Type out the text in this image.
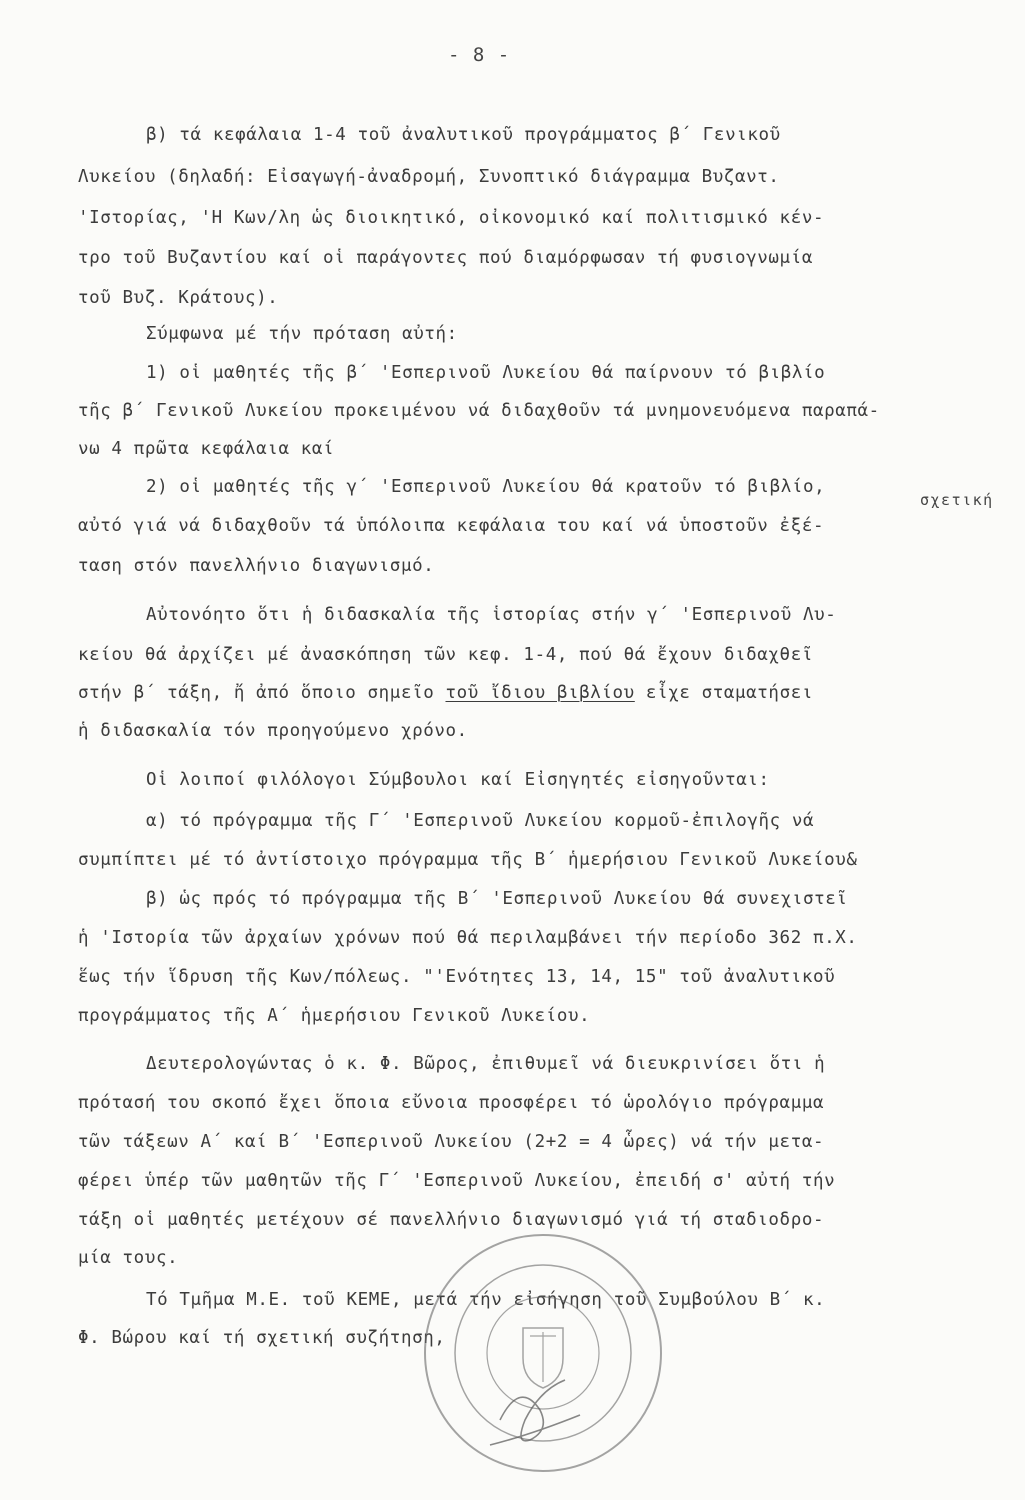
- 8 -
β) τά κεφάλαια 1-4 τοῦ ἀναλυτικοῦ προγράμματος β΄ Γενικοῦ
Λυκείου (δηλαδή: Εἰσαγωγή-ἀναδρομή, Συνοπτικό διάγραμμα Βυζαντ.
'Ιστορίας, 'Η Κων/λη ὡς διοικητικό, οἰκονομικό καί πολιτισμικό κέν-
τρο τοῦ Βυζαντίου καί οἱ παράγοντες πού διαμόρφωσαν τή φυσιογνωμία
τοῦ Βυζ. Κράτους).
Σύμφωνα μέ τήν πρόταση αὐτή:
1) οἱ μαθητές τῆς β΄ 'Εσπερινοῦ Λυκείου θά παίρνουν τό βιβλίο
τῆς β΄ Γενικοῦ Λυκείου προκειμένου νά διδαχθοῦν τά μνημονευόμενα παραπά-
νω 4 πρῶτα κεφάλαια καί
2) οἱ μαθητές τῆς γ΄ 'Εσπερινοῦ Λυκείου θά κρατοῦν τό βιβλίο,
σχετική
αὐτό γιά νά διδαχθοῦν τά ὑπόλοιπα κεφάλαια του καί νά ὑποστοῦν ἐξέ-
ταση στόν πανελλήνιο διαγωνισμό.
Αὐτονόητο ὅτι ἡ διδασκαλία τῆς ἱστορίας στήν γ΄ 'Εσπερινοῦ Λυ-
κείου θά ἀρχίζει μέ ἀνασκόπηση τῶν κεφ. 1-4, πού θά ἔχουν διδαχθεῖ
στήν β΄ τάξη, ἤ ἀπό ὅποιο σημεῖο τοῦ ἴδιου βιβλίου εἶχε σταματήσει
ἡ διδασκαλία τόν προηγούμενο χρόνο.
Οἱ λοιποί φιλόλογοι Σύμβουλοι καί Εἰσηγητές εἰσηγοῦνται:
α) τό πρόγραμμα τῆς Γ΄ 'Εσπερινοῦ Λυκείου κορμοῦ-ἐπιλογῆς νά
συμπίπτει μέ τό ἀντίστοιχο πρόγραμμα τῆς Β΄ ἡμερήσιου Γενικοῦ Λυκείου&
β) ὡς πρός τό πρόγραμμα τῆς Β΄ 'Εσπερινοῦ Λυκείου θά συνεχιστεῖ
ἡ 'Ιστορία τῶν ἀρχαίων χρόνων πού θά περιλαμβάνει τήν περίοδο 362 π.Χ.
ἕως τήν ἵδρυση τῆς Κων/πόλεως. "'Ενότητες 13, 14, 15" τοῦ ἀναλυτικοῦ
προγράμματος τῆς Α΄ ἡμερήσιου Γενικοῦ Λυκείου.
Δευτερολογώντας ὁ κ. Φ. Βῶρος, ἐπιθυμεῖ νά διευκρινίσει ὅτι ἡ
πρότασή του σκοπό ἔχει ὅποια εὔνοια προσφέρει τό ὡρολόγιο πρόγραμμα
τῶν τάξεων Α΄ καί Β΄ 'Εσπερινοῦ Λυκείου (2+2 = 4 ὧρες) νά τήν μετα-
φέρει ὑπέρ τῶν μαθητῶν τῆς Γ΄ 'Εσπερινοῦ Λυκείου, ἐπειδή σ' αὐτή τήν
τάξη οἱ μαθητές μετέχουν σέ πανελλήνιο διαγωνισμό γιά τή σταδιοδρο-
μία τους.
Τό Τμῆμα Μ.Ε. τοῦ ΚΕΜΕ, μετά τήν εἰσήγηση τοῦ Συμβούλου Β΄ κ.
Φ. Βώρου καί τή σχετική συζήτηση,
